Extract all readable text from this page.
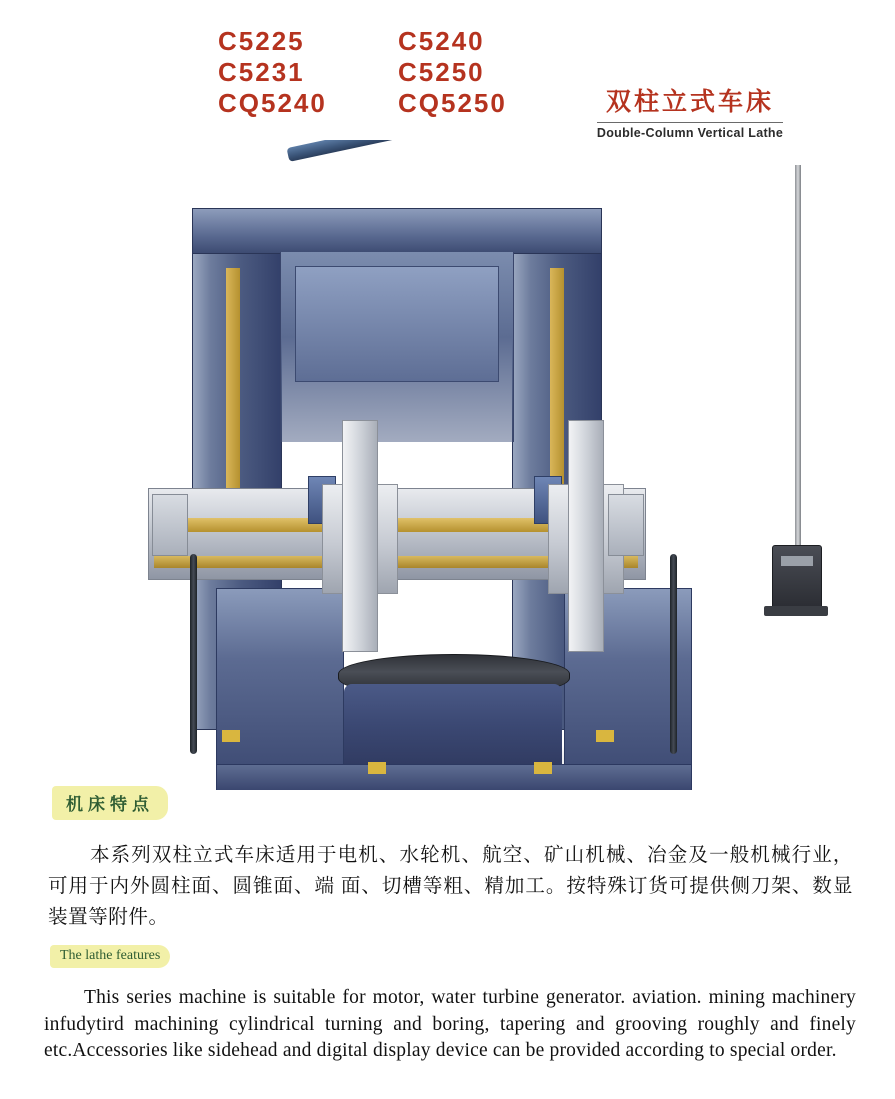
C5225	C5240
C5231	C5250
CQ5240	CQ5250	双柱立式车床
Double-Column Vertical Lathe
机床特点
本系列双柱立式车床适用于电机、水轮机、航空、矿山机械、冶金及一般机械行业，可用于内外圆柱面、圆锥面、端 面、切槽等粗、精加工。按特殊订货可提供侧刀架、数显装置等附件。
The lathe features
This series machine is suitable for motor, water turbine generator. aviation. mining machinery infudytird machining cylindrical turning and boring, tapering and grooving roughly and finely etc.Accessories like sidehead and digital display device can be provided according to special order.
